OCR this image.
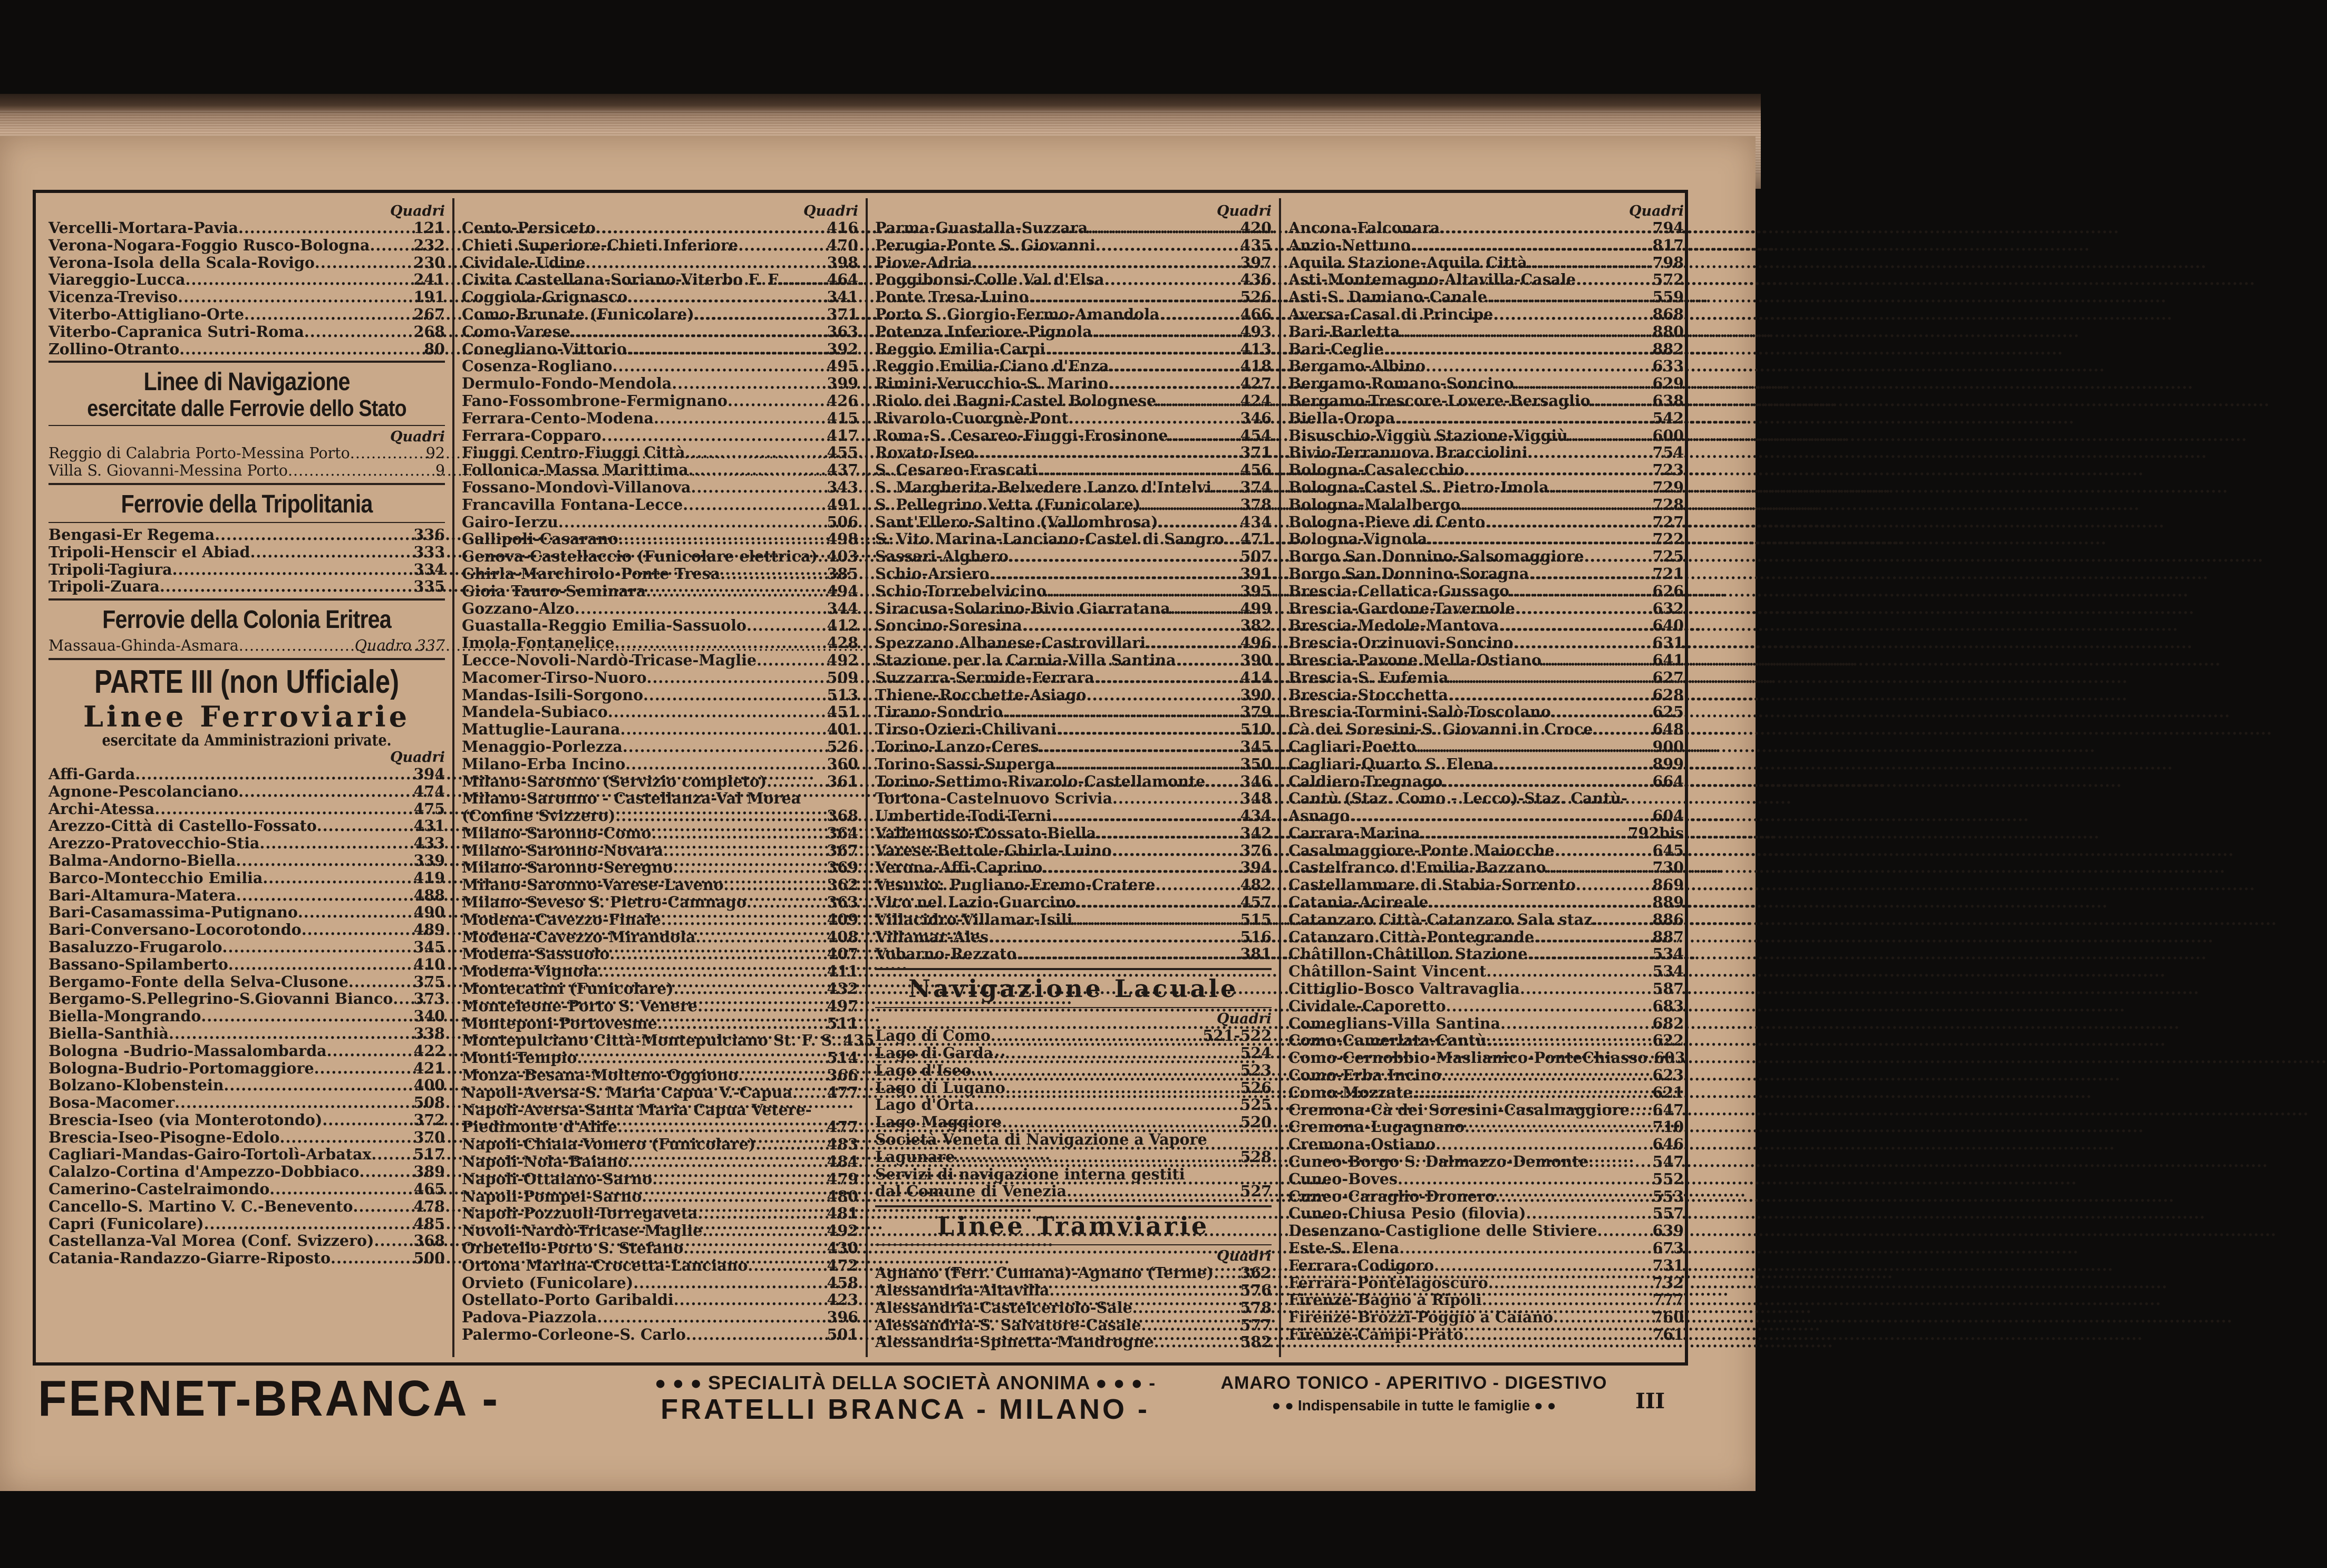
Quadri
Vercelli-Mortara-Pavia .....	121
Verona-Nogara-Foggio Rusco-Bologna .....	232
Verona-Isola della Scala-Rovigo .....	230
Viareggio-Lucca .....	241
Vicenza-Treviso .....	191
Viterbo-Attigliano-Orte .....	267
Viterbo-Capranica Sutri-Roma .....	268
Zollino-Otranto .....	80
Linee di Navigazione
esercitate dalle Ferrovie dello Stato
Quadri
Reggio di Calabria Porto-Messina Porto .....	92
Villa S. Giovanni-Messina Porto .....	9
Ferrovie della Tripolitania
Bengasi-Er Regema .....	336
Tripoli-Henscir el Abiad .....	333
Tripoli-Tagiura .....	334
Tripoli-Zuara .....	335
Ferrovie della Colonia Eritrea
Massaua-Ghinda-Asmara .....	Quadro 337
PARTE III (non Ufficiale)
Linee Ferroviarie
esercitate da Amministrazioni private.
Quadri
Affi-Garda .....	394
Agnone-Pescolanciano .....	474
Archi-Atessa .....	475
Arezzo-Città di Castello-Fossato .....	431
Arezzo-Pratovecchio-Stia .....	433
Balma-Andorno-Biella .....	339
Barco-Montecchio Emilia .....	419
Bari-Altamura-Matera .....	488
Bari-Casamassima-Putignano .....	490
Bari-Conversano-Locorotondo .....	489
Basaluzzo-Frugarolo .....	345
Bassano-Spilamberto .....	410
Bergamo-Fonte della Selva-Clusone .....	375
Bergamo-S.Pellegrino-S.Giovanni Bianco ..... 373
Biella-Mongrando .....	340
Biella-Santhià .....	338
Bologna -Budrio-Massalombarda .....	422
Bologna-Budrio-Portomaggiore .....	421
Bolzano-Klobenstein .....	400
Bosa-Macomer .....	508
Brescia-Iseo (via Monterotondo) .....	372
Brescia-Iseo-Pisogne-Edolo .....	370
Cagliari-Mandas-Gairo-Tortolì-Arbatax .....	517
Calalzo-Cortina d'Ampezzo-Dobbiaco .....	389
Camerino-Castelraimondo .....	465
Cancello-S. Martino V. C.-Benevento .....	478
Capri (Funicolare) .....	485
Castellanza-Val Morea (Conf. Svizzero) .....	368
Catania-Randazzo-Giarre-Riposto .....	500
Quadri
Cento-Persiceto .....	416
Chieti Superiore-Chieti Inferiore .....	470
Cividale-Udine .....	398
Civita Castellana-Soriano-Viterbo F. F. .....	464
Coggiola-Grignasco .....	341
Como-Brunate (Funicolare) .....	371
Como-Varese .....	363
Conegliano-Vittorio .....	392
Cosenza-Rogliano .....	495
Dermulo-Fondo-Mendola .....	399
Fano-Fossombrone-Fermignano .....	426
Ferrara-Cento-Modena .....	415
Ferrara-Copparo .....	417
Fiuggi Centro-Fiuggi Città .....	455
Follonica-Massa Marittima .....	437
Fossano-Mondovì-Villanova .....	343
Francavilla Fontana-Lecce .....	491
Gairo-Ierzu .....	506
Gallipoli-Casarano .....	498
Genova-Castellaccio (Funicolare elettrica) ..... 403
Ghirla-Marchirolo-Ponte Tresa .....	385
Gioia Tauro-Seminara .....	494
Gozzano-Alzo .....	344
Guastalla-Reggio Emilia-Sassuolo .....	412
Imola-Fontanelice .....	428
Lecce-Novoli-Nardò-Tricase-Maglie .....	492
Macomer-Tirso-Nuoro .....	509
Mandas-Isili-Sorgono .....	513
Mandela-Subiaco .....	451
Mattuglie-Laurana .....	401
Menaggio-Porlezza .....	526
Milano-Erba Incino .....	360
Milano-Saronno (Servizio completo) .....	361
Milano-Saronno - Castellanza-Val Morea
(Confine Svizzero) .....	368
Milano-Saronno-Como .....	364
Milano-Saronno-Novara .....	367
Milano-Saronno-Seregno .....	369
Milano-Saronno-Varese-Laveno .....	362
Milano-Seveso S. Pietro-Camnago .....	363
Modena-Cavezzo-Finale .....	409
Modena-Cavezzo-Mirandola .....	408
Modena-Sassuolo .....	407
Modena-Vignola .....	411
Montecatini (Funicolare) .....	432
Monteleone-Porto S. Venere .....	497
Monteponi-Portovesme .....	511
Montepulciano Città-Montepulciano St. F. S. ..... 435
Monti-Tempio .....	514
Monza-Besana-Molteno-Oggiono .....	366
Napoli-Aversa-S. Maria Capua V.-Capua ..... 477
Napoli-Aversa-Santa Maria Capua Vetere-
Piedimonte d'Alife .....	477
Napoli-Chiaia-Vomero (Funicolare) .....	483
Napoli-Nola-Baiano .....	484
Napoli-Ottaiano-Sarno .....	479
Napoli-Pompei-Sarno .....	480
Napoli-Pozzuoli-Torregaveta .....	481
Novoli-Nardò-Tricase-Maglie .....	492
Orbetello-Porto S. Stefano .....	430
Ortona Marina-Crocetta-Lanciano .....	472
Orvieto (Funicolare) .....	458
Ostellato-Porto Garibaldi .....	423
Padova-Piazzola .....	396
Palermo-Corleone-S. Carlo .....	501
Quadri
Parma-Guastalla-Suzzara .....	420
Perugia-Ponte S. Giovanni .....	435
Piove-Adria .....	397
Poggibonsi-Colle Val d'Elsa .....	436
Ponte Tresa-Luino .....	526
Porto S. Giorgio-Fermo-Amandola .....	466
Potenza Inferiore-Pignola .....	493
Reggio Emilia-Carpi .....	413
Reggio Emilia-Ciano d'Enza .....	418
Rimini-Verucchio-S. Marino .....	427
Riolo dei Bagni-Castel Bolognese .....	424
Rivarolo-Cuorgnè-Pont .....	346
Roma-S. Cesareo-Fiuggi-Frosinone .....	454
Rovato-Iseo .....	371
S. Cesareo-Frascati .....	456
S. Margherita-Belvedere Lanzo d'Intelvi ..... 374
S. Pellegrino Vetta (Funicolare) .....	378
Sant'Ellero-Saltino (Vallombrosa) .....	434
S. Vito Marina-Lanciano-Castel di Sangro ..... 471
Sassari-Alghero .....	507
Schio-Arsiero .....	391
Schio-Torrebelvicino .....	395
Siracusa-Solarino-Bivio Giarratana .....	499
Soncino-Soresina .....	382
Spezzano Albanese-Castrovillari .....	496
Stazione per la Carnia-Villa Santina .....	390
Suzzarra-Sermide-Ferrara .....	414
Thiene-Rocchette-Asiago .....	390
Tirano-Sondrio .....	379
Tirso-Ozieri-Chilivani .....	510
Torino-Lanzo-Ceres .....	345
Torino-Sassi-Superga .....	350
Torino-Settimo-Rivarolo-Castellamonte ..... 346
Tortona-Castelnuovo Scrivia .....	348
Umbertide-Todi-Terni .....	434
Vallemosso-Cossato-Biella .....	342
Varese-Bettole-Ghirla-Luino .....	376
Verona-Affi-Caprino .....	394
Vesuvio: Pugliano-Eremo-Cratere .....	482
Vico nel Lazio-Guarcino .....	457
Villacidro-Villamar-Isili .....	515
Villamar-Ales .....	516
Vobarno-Rezzato .....	381
Navigazione Lacuale
Quadri
Lago di Como .....	521-522
Lago di Garda .....	524
Lago d'Iseo .....	523
Lago di Lugano .....	526
Lago d'Orta .....	525
Lago Maggiore .....	520
Società Veneta di Navigazione a Vapore
Lagunare .....	528
Servizi di navigazione interna gestiti
dal Comune di Venezia .....	527
Linee Tramviarie
Quadri
Agnano (Ferr. Cumana)-Agnano (Terme) ..... 362
Alessandria-Altavilla .....	576
Alessandria-Castelceriolo-Sale .....	578
Alessandria-S. Salvatore-Casale .....	577
Alessandria-Spinetta-Mandrogne .....	582
Quadri
Ancona-Falconara .....	794
Anzio-Nettuno .....	817
Aquila Stazione-Aquila Città .....	798
Asti-Montemagno-Altavilla-Casale .....	572
Asti-S. Damiano-Canale .....	559
Aversa-Casal di Principe .....	868
Bari-Barletta .....	880
Bari-Ceglie .....	882
Bergamo-Albino .....	633
Bergamo-Romano-Soncino .....	629
Bergamo-Trescore-Lovere-Bersaglio .....	638
Biella-Oropa .....	542
Bisuschio-Viggiù Stazione-Viggiù .....	600
Bivio-Terranuova Bracciolini .....	754
Bologna-Casalecchio .....	723
Bologna-Castel S. Pietro-Imola .....	729
Bologna-Malalbergo .....	728
Bologna-Pieve di Cento .....	727
Bologna-Vignola .....	722
Borgo San Donnino-Salsomaggiore .....	725
Borgo San Donnino-Soragna .....	721
Brescia-Cellatica-Gussago .....	626
Brescia-Gardone-Tavernole .....	632
Brescia-Medole-Mantova .....	640
Brescia-Orzinuovi-Soncino .....	631
Brescia-Pavone Mella-Ostiano .....	641
Brescia-S. Eufemia .....	627
Brescia-Stocchetta .....	628
Brescia-Tormini-Salò-Toscolano .....	625
Cà dei Soresini-S. Giovanni in Croce .....	648
Cagliari-Poetto .....	900
Cagliari-Quarto S. Elena .....	899
Caldiero-Tregnago .....	664
Cantù (Staz. Como - Lecco)-Staz. Cantù-
Asnago .....	604
Carrara-Marina .....	792bis
Casalmaggiore-Ponte Maiocche .....	645
Castelfranco d'Emilia-Bazzano .....	730
Castellammare di Stabia-Sorrento .....	869
Catania-Acireale .....	889
Catanzaro Città-Catanzaro Sala staz. .....	886
Catanzaro Città-Pontegrande .....	887
Châtillon-Châtillon Stazione .....	534
Châtillon-Saint Vincent .....	534
Cittiglio-Bosco Valtravaglia .....	587
Cividale-Caporetto .....	683
Comeglians-Villa Santina .....	682
Como-Camerlata-Cantù .....	622
Como-Cernobbio-Maslianico-PonteChiasso ..... 603
Como-Erba Incino .....	623
Como-Mozzate .....	621
Cremona-Cà dei Soresini-Casalmaggiore ..... 647
Cremona-Lugagnano .....	710
Cremona-Ostiano .....	646
Cuneo-Borgo S. Dalmazzo-Demonte .....	547
Cuneo-Boves .....	552
Cuneo-Caraglio-Dronero .....	553
Cuneo-Chiusa Pesio (filovia) .....	557
Desenzano-Castiglione delle Stiviere .....	639
Este-S. Elena .....	673
Ferrara-Codigoro .....	731
Ferrara-Pontelagoscuro .....	732
Firenze-Bagno a Ripoli .....	777
Firenze-Brozzi-Poggio a Caiano .....	760
Firenze-Campi-Prato .....	761
FERNET-BRANCA -	● ● ● SPECIALITÀ DELLA SOCIETÀ ANONIMA ● ● ● -
FRATELLI BRANCA - MILANO -
AMARO TONICO - APERITIVO - DIGESTIVO
● ● Indispensabile in tutte le famiglie ● ●	III
